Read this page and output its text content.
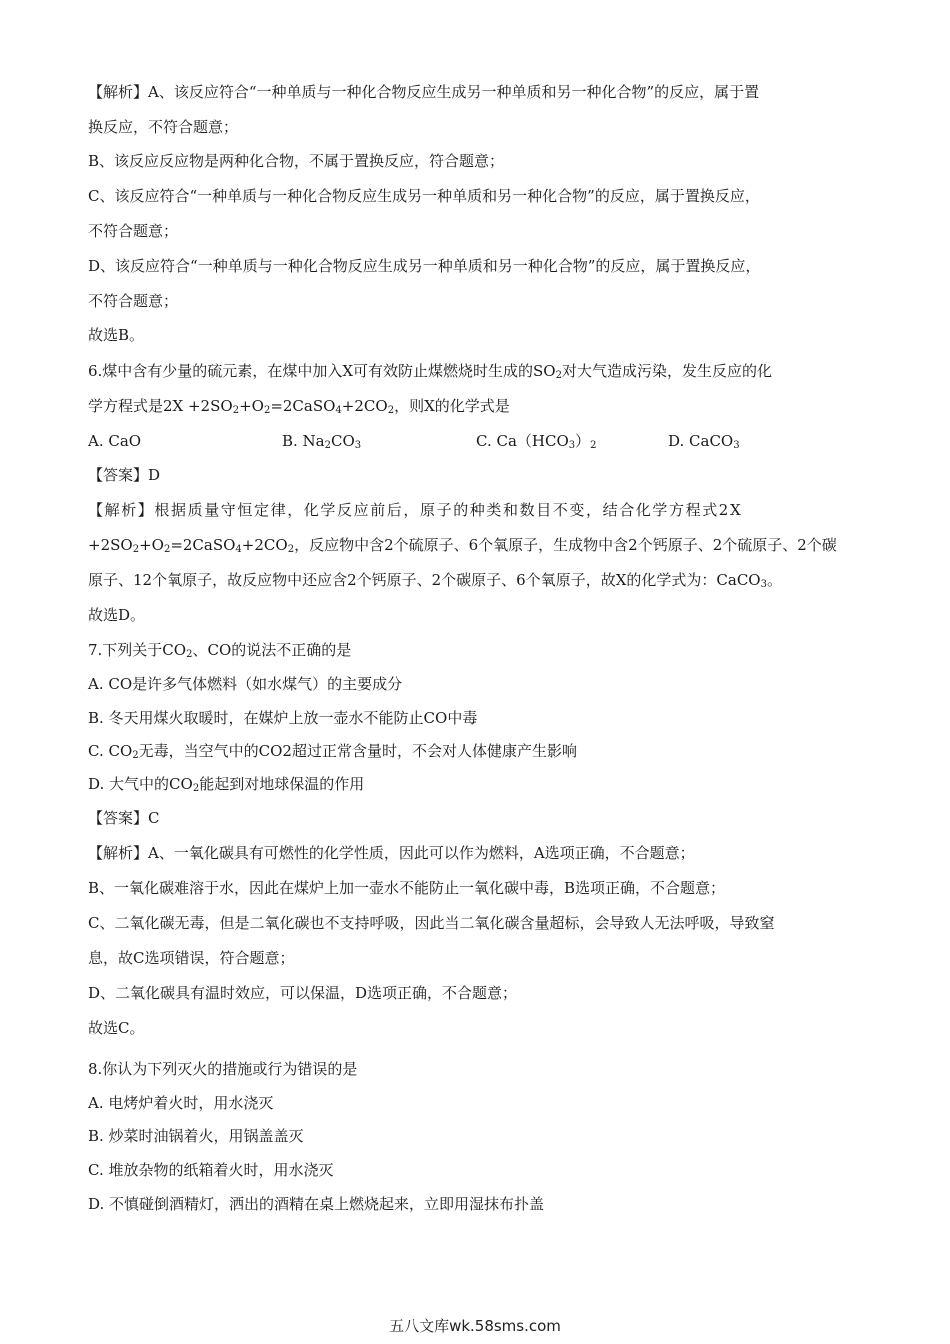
【解析】A、该反应符合“一种单质与一种化合物反应生成另一种单质和另一种化合物”的反应，属于置
换反应，不符合题意；
B、该反应反应物是两种化合物，不属于置换反应，符合题意；
C、该反应符合“一种单质与一种化合物反应生成另一种单质和另一种化合物”的反应，属于置换反应，
不符合题意；
D、该反应符合“一种单质与一种化合物反应生成另一种单质和另一种化合物”的反应，属于置换反应，
不符合题意；
故选B。
6.煤中含有少量的硫元素，在煤中加入X可有效防止煤燃烧时生成的$SO_2$对大气造成污染，发生反应的化
学方程式是$2X +2SO_2+O_2=2CaSO_4+2CO_2$，则X的化学式是
A. CaO	B. $Na_2CO_3$	C. $Ca(HCO_3)_2$	D. CaCO$_3$
【答案】D
【解析】根据质量守恒定律，化学反应前后，原子的种类和数目不变，结合化学方程式2X
$+2SO_2+O_2=2CaSO_4+2CO_2$，反应物中含2个硫原子、6个氧原子，生成物中含2个钙原子、2个硫原子、2个碳
原子、12个氧原子，故反应物中还应含2个钙原子、2个碳原子、6个氧原子，故X的化学式为：CaCO$_3$。
故选D。
7.下列关于$CO_2$、CO的说法不正确的是
A. CO是许多气体燃料（如水煤气）的主要成分
B. 冬天用煤火取暖时，在媒炉上放一壶水不能防止CO中毒
C. $CO_2$无毒，当空气中的CO2超过正常含量时，不会对人体健康产生影响
D. 大气中的$CO_2$能起到对地球保温的作用
【答案】C
【解析】A、一氧化碳具有可燃性的化学性质，因此可以作为燃料，A选项正确，不合题意；
B、一氧化碳难溶于水，因此在煤炉上加一壶水不能防止一氧化碳中毒，B选项正确，不合题意；
C、二氧化碳无毒，但是二氧化碳也不支持呼吸，因此当二氧化碳含量超标，会导致人无法呼吸，导致窒
息，故C选项错误，符合题意；
D、二氧化碳具有温时效应，可以保温，D选项正确，不合题意；
故选C。
8.你认为下列灭火的措施或行为错误的是
A. 电烤炉着火时，用水浇灭
B. 炒菜时油锅着火，用锅盖盖灭
C. 堆放杂物的纸箱着火时，用水浇灭
D. 不慎碰倒酒精灯，洒出的酒精在桌上燃烧起来，立即用湿抹布扑盖
五八文库wk.58sms.com
